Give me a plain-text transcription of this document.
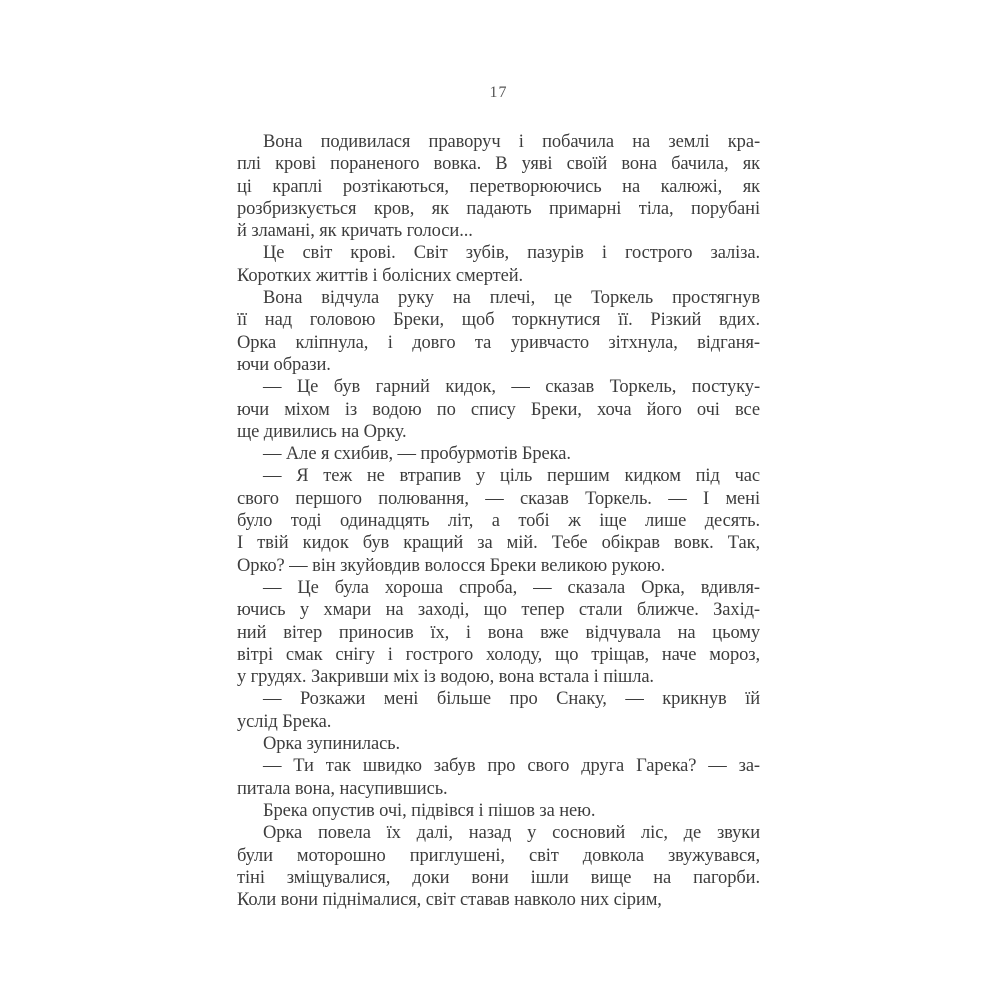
17
Вона подивилася праворуч і побачила на землі кра-
плі крові пораненого вовка. В уяві своїй вона бачила, як
ці краплі розтікаються, перетворюючись на калюжі, як
розбризкується кров, як падають примарні тіла, порубані
й зламані, як кричать голоси...
Це світ крові. Світ зубів, пазурів і гострого заліза.
Коротких життів і болісних смертей.
Вона відчула руку на плечі, це Торкель простягнув
її над головою Бреки, щоб торкнутися її. Різкий вдих.
Орка кліпнула, і довго та уривчасто зітхнула, відганя-
ючи образи.
— Це був гарний кидок, — сказав Торкель, постуку-
ючи міхом із водою по спису Бреки, хоча його очі все
ще дивились на Орку.
— Але я схибив, — пробурмотів Брека.
— Я теж не втрапив у ціль першим кидком під час
свого першого полювання, — сказав Торкель. — І мені
було тоді одинадцять літ, а тобі ж іще лише десять.
І твій кидок був кращий за мій. Тебе обікрав вовк. Так,
Орко? — він зкуйовдив волосся Бреки великою рукою.
— Це була хороша спроба, — сказала Орка, вдивля-
ючись у хмари на заході, що тепер стали ближче. Захід-
ний вітер приносив їх, і вона вже відчувала на цьому
вітрі смак снігу і гострого холоду, що тріщав, наче мороз,
у грудях. Закривши міх із водою, вона встала і пішла.
— Розкажи мені більше про Снаку, — крикнув їй
услід Брека.
Орка зупинилась.
— Ти так швидко забув про свого друга Гарека? — за-
питала вона, насупившись.
Брека опустив очі, підвівся і пішов за нею.
Орка повела їх далі, назад у сосновий ліс, де звуки
були моторошно приглушені, світ довкола звужувався,
тіні зміщувалися, доки вони ішли вище на пагорби.
Коли вони піднімалися, світ ставав навколо них сірим,
